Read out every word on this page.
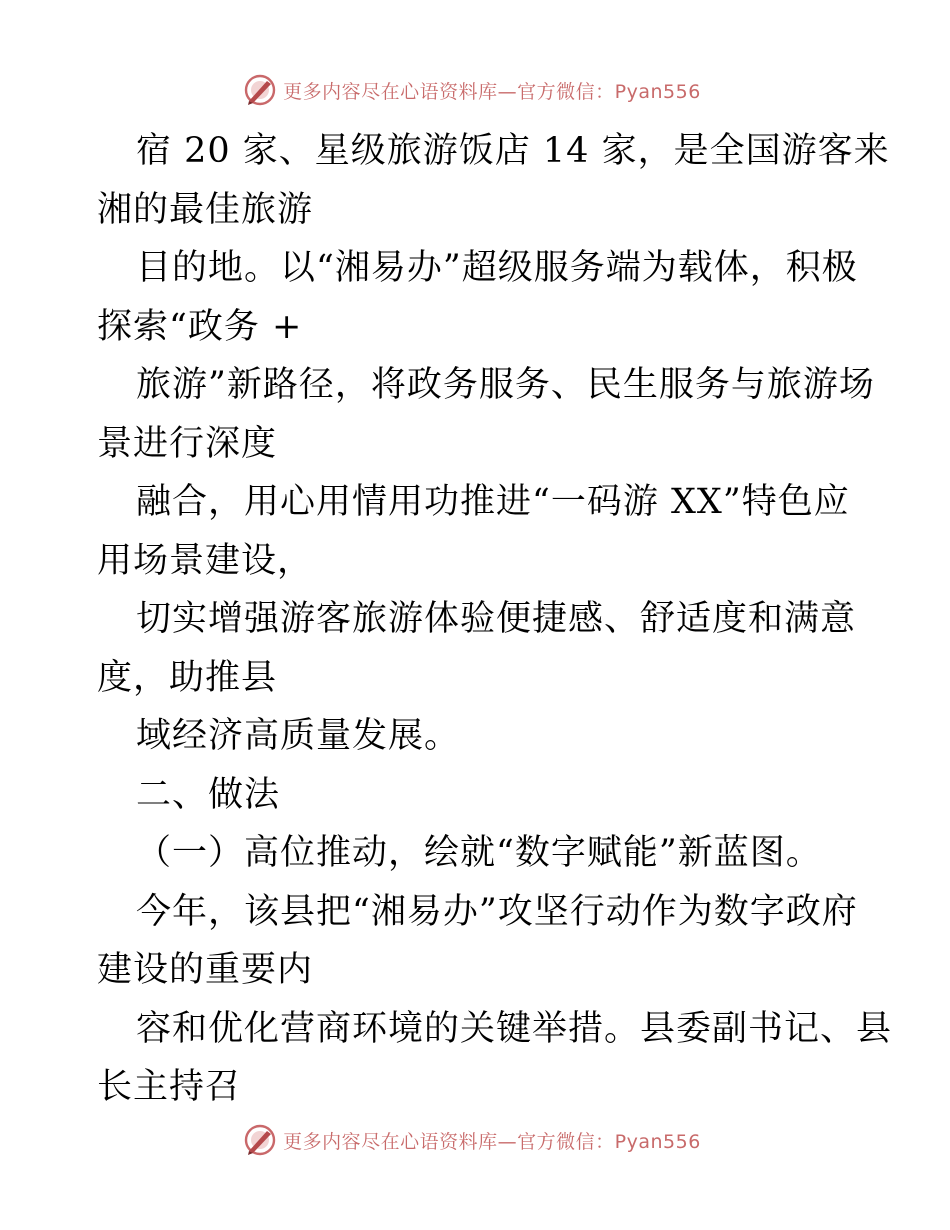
更多内容尽在心语资料库—官方微信：Pyan556
宿 20 家、星级旅游饭店 14 家，是全国游客来
湘的最佳旅游
目的地。以“湘易办”超级服务端为载体，积极
探索“政务 +
旅游”新路径，将政务服务、民生服务与旅游场
景进行深度
融合，用心用情用功推进“一码游 XX”特色应
用场景建设，
切实增强游客旅游体验便捷感、舒适度和满意
度，助推县
域经济高质量发展。
二、做法
（一）高位推动，绘就“数字赋能”新蓝图。
今年，该县把“湘易办”攻坚行动作为数字政府
建设的重要内
容和优化营商环境的关键举措。县委副书记、县
长主持召
更多内容尽在心语资料库—官方微信：Pyan556
